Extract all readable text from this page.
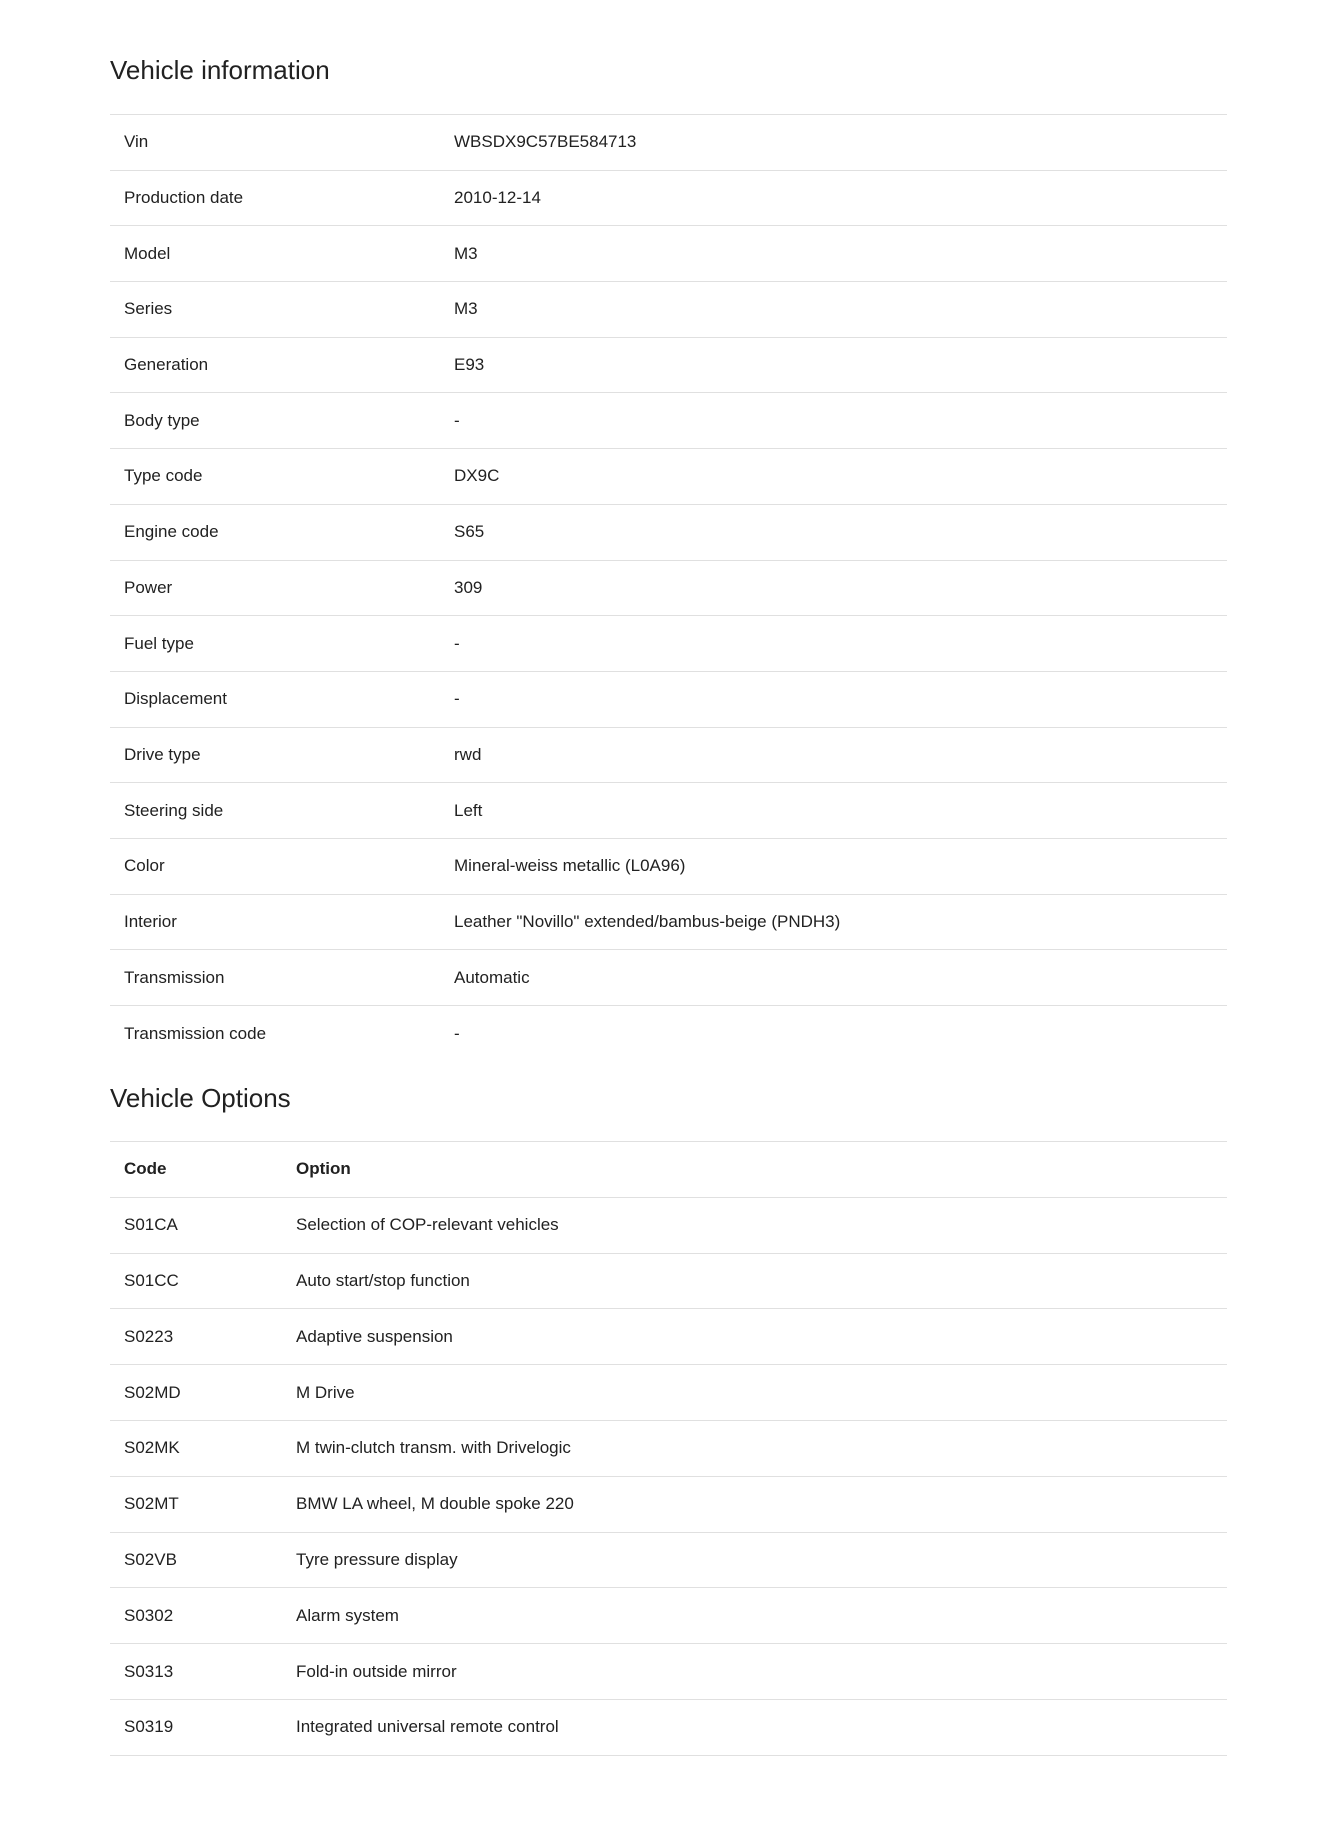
Vehicle information
Vin	WBSDX9C57BE584713
Production date	2010-12-14
Model	M3
Series	M3
Generation	E93
Body type	-
Type code	DX9C
Engine code	S65
Power	309
Fuel type	-
Displacement	-
Drive type	rwd
Steering side	Left
Color	Mineral-weiss metallic (L0A96)
Interior	Leather "Novillo" extended/bambus-beige (PNDH3)
Transmission	Automatic
Transmission code	-
Vehicle Options
Code	Option
S01CA	Selection of COP-relevant vehicles
S01CC	Auto start/stop function
S0223	Adaptive suspension
S02MD	M Drive
S02MK	M twin-clutch transm. with Drivelogic
S02MT	BMW LA wheel, M double spoke 220
S02VB	Tyre pressure display
S0302	Alarm system
S0313	Fold-in outside mirror
S0319	Integrated universal remote control
